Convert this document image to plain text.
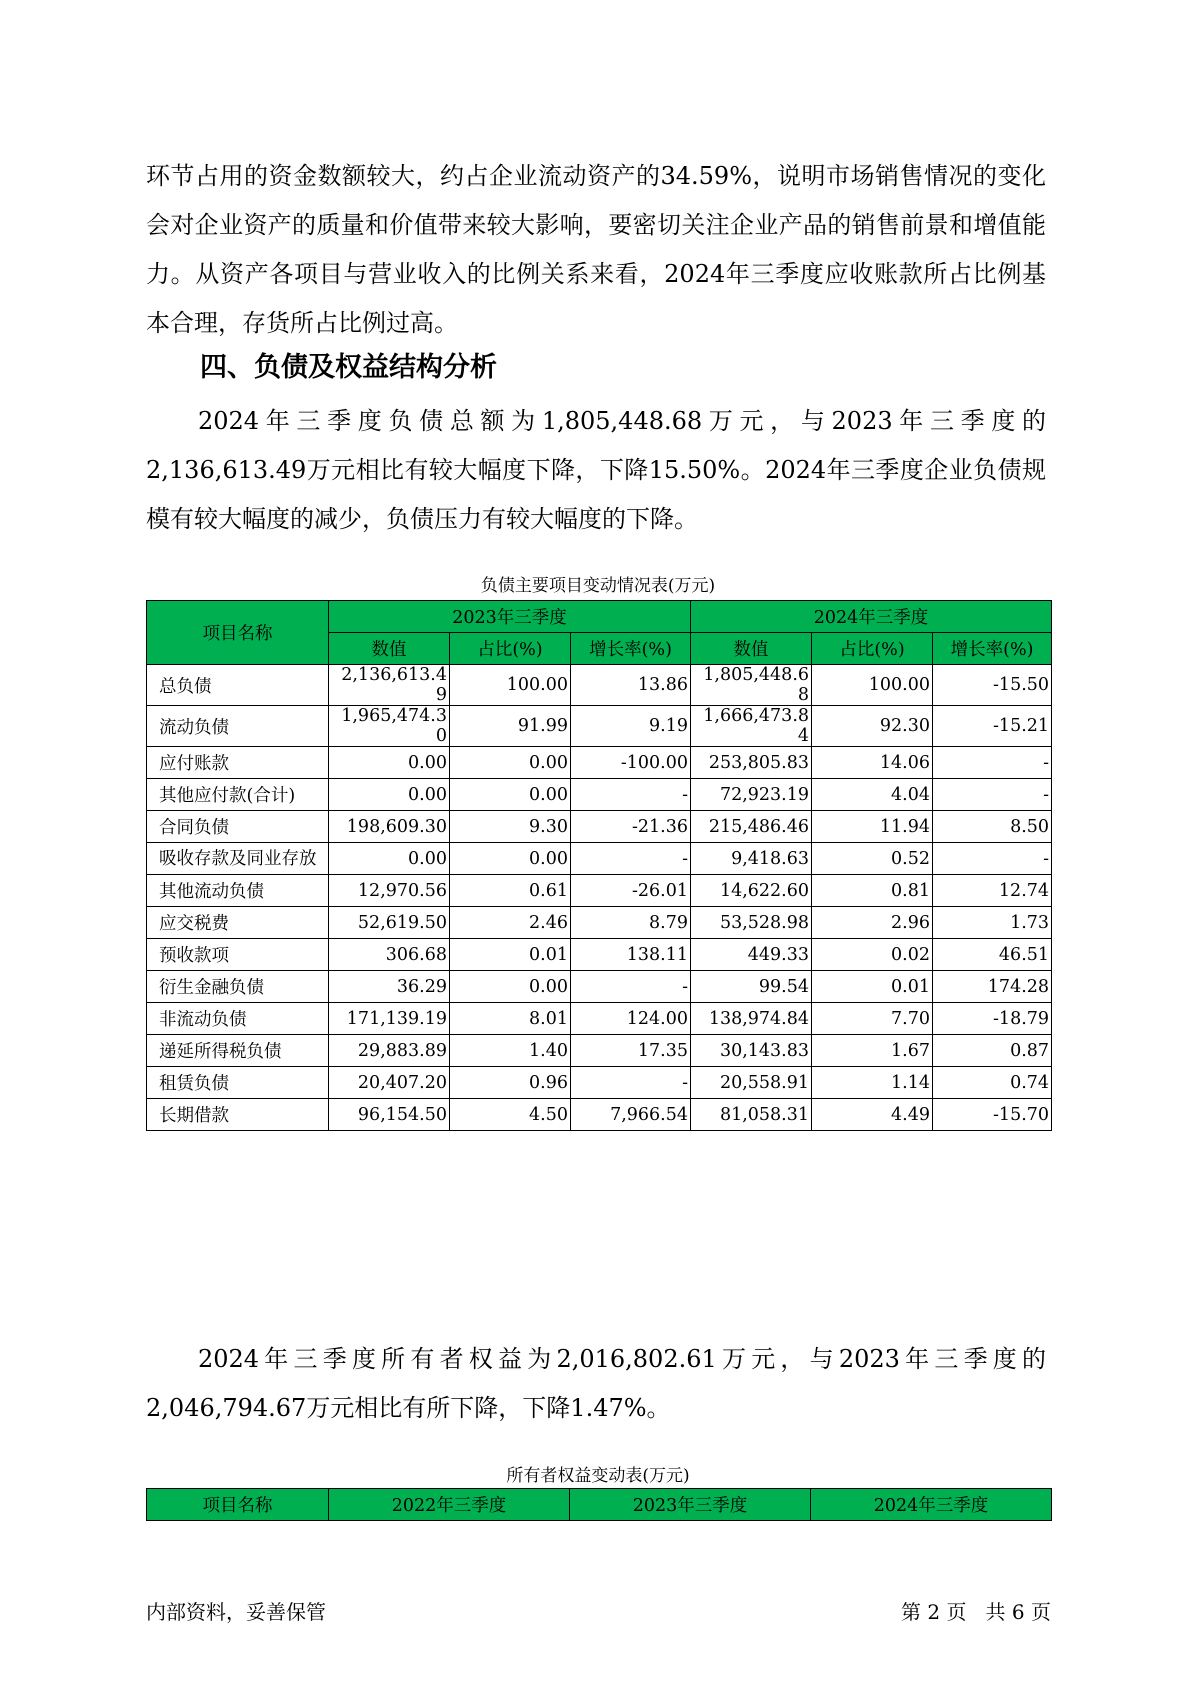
环节占用的资金数额较大，约占企业流动资产的34.59%，说明市场销售情况的变化会对企业资产的质量和价值带来较大影响，要密切关注企业产品的销售前景和增值能力。从资产各项目与营业收入的比例关系来看，2024年三季度应收账款所占比例基本合理，存货所占比例过高。

四、负债及权益结构分析

2024年三季度负债总额为1,805,448.68万元，与2023年三季度的2,136,613.49万元相比有较大幅度下降，下降15.50%。2024年三季度企业负债规模有较大幅度的减少，负债压力有较大幅度的下降。

负债主要项目变动情况表(万元)
项目名称	2023年三季度			2024年三季度		
	数值	占比(%)	增长率(%)	数值	占比(%)	增长率(%)
总负债	2,136,613.49	100.00	13.86	1,805,448.68	100.00	-15.50
流动负债	1,965,474.30	91.99	9.19	1,666,473.84	92.30	-15.21
应付账款	0.00	0.00	-100.00	253,805.83	14.06	-
其他应付款(合计)	0.00	0.00	-	72,923.19	4.04	-
合同负债	198,609.30	9.30	-21.36	215,486.46	11.94	8.50
吸收存款及同业存放	0.00	0.00	-	9,418.63	0.52	-
其他流动负债	12,970.56	0.61	-26.01	14,622.60	0.81	12.74
应交税费	52,619.50	2.46	8.79	53,528.98	2.96	1.73
预收款项	306.68	0.01	138.11	449.33	0.02	46.51
衍生金融负债	36.29	0.00	-	99.54	0.01	174.28
非流动负债	171,139.19	8.01	124.00	138,974.84	7.70	-18.79
递延所得税负债	29,883.89	1.40	17.35	30,143.83	1.67	0.87
租赁负债	20,407.20	0.96	-	20,558.91	1.14	0.74
长期借款	96,154.50	4.50	7,966.54	81,058.31	4.49	-15.70

2024年三季度所有者权益为2,016,802.61万元，与2023年三季度的2,046,794.67万元相比有所下降，下降1.47%。

所有者权益变动表(万元)
项目名称	2022年三季度	2023年三季度	2024年三季度
内部资料，妥善保管	第 2 页   共 6 页
